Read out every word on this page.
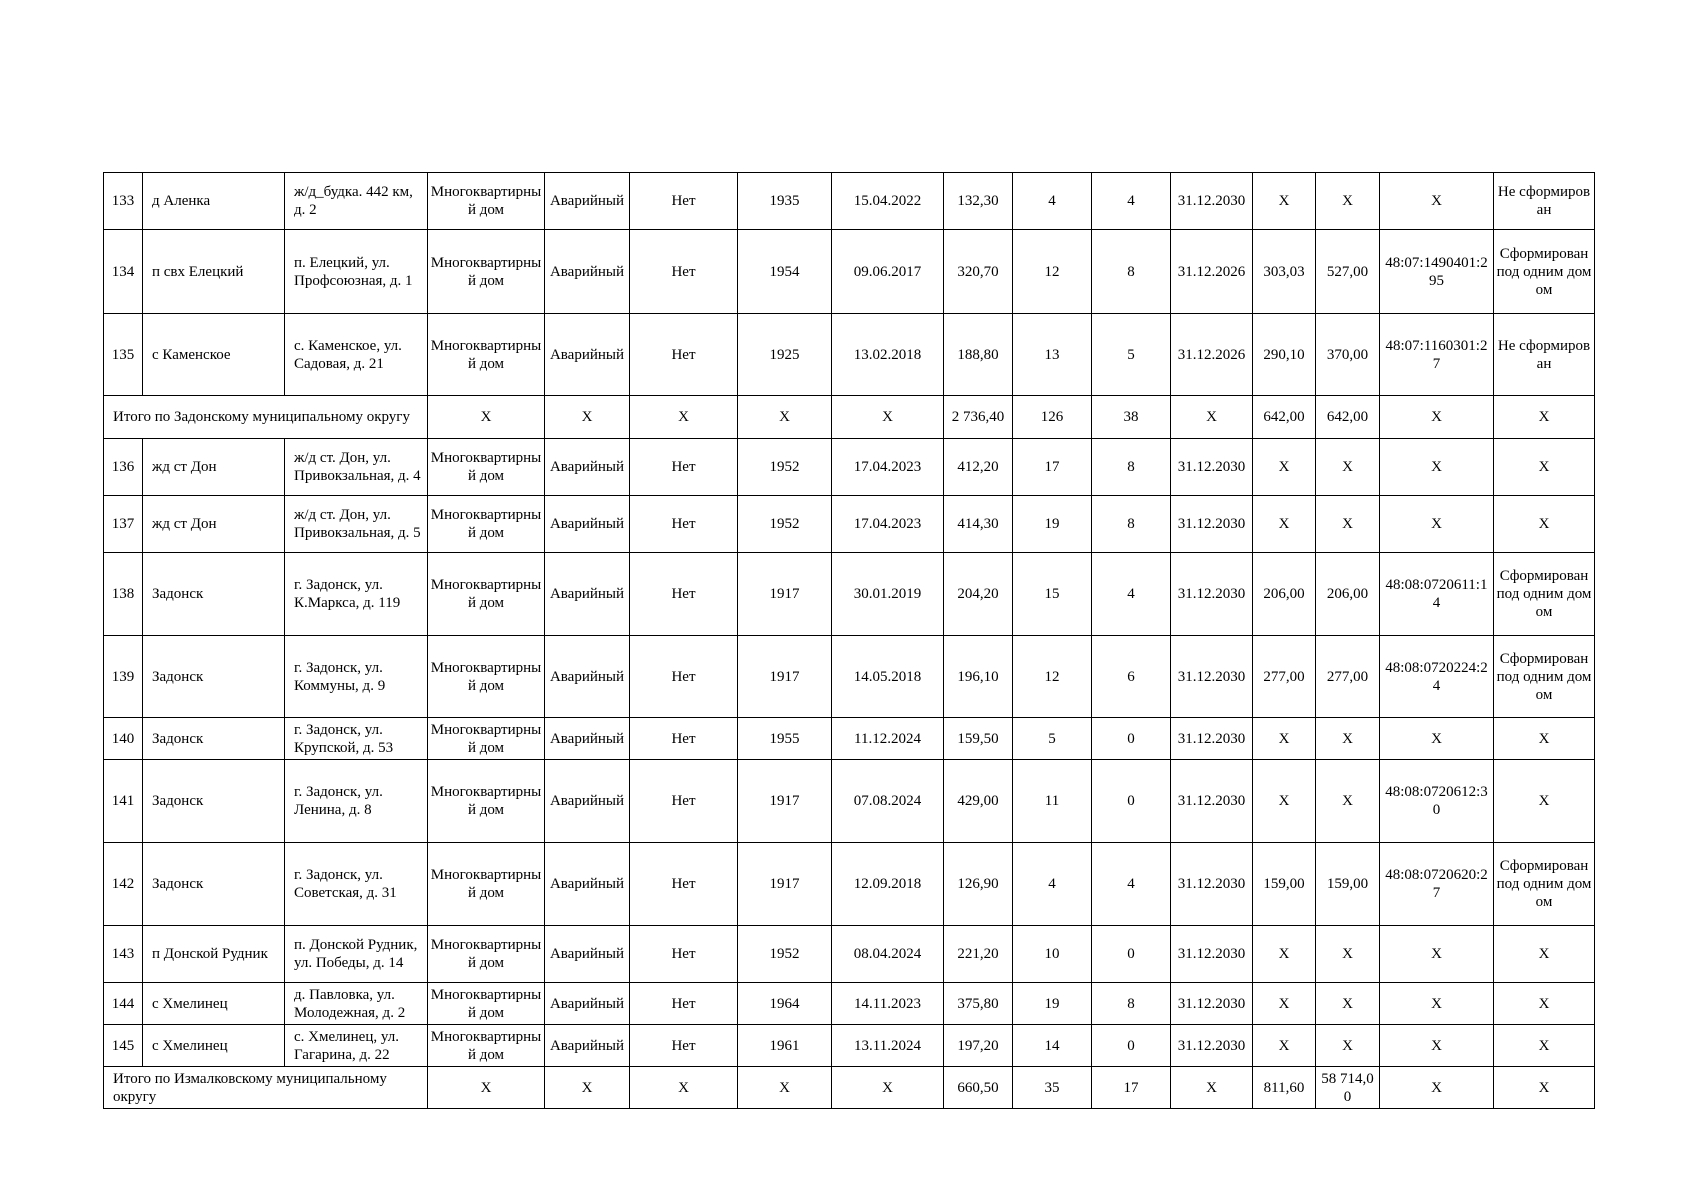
133	д Аленка	ж/д_будка. 442 км, д. 2	Многоквартирный дом	Аварийный	Нет	1935	15.04.2022	132,30	4	4	31.12.2030	X	X	X	Не сформирован
134	п свх Елецкий	п. Елецкий, ул. Профсоюзная, д. 1	Многоквартирный дом	Аварийный	Нет	1954	09.06.2017	320,70	12	8	31.12.2026	303,03	527,00	48:07:1490401:295	Сформирован под одним домом
135	с Каменское	с. Каменское, ул. Садовая, д. 21	Многоквартирный дом	Аварийный	Нет	1925	13.02.2018	188,80	13	5	31.12.2026	290,10	370,00	48:07:1160301:27	Не сформирован
Итого по Задонскому муниципальному округу			X	X	X	X	X	2 736,40	126	38	X	642,00	642,00	X	X
136	жд ст Дон	ж/д ст. Дон, ул. Привокзальная, д. 4	Многоквартирный дом	Аварийный	Нет	1952	17.04.2023	412,20	17	8	31.12.2030	X	X	X	X
137	жд ст Дон	ж/д ст. Дон, ул. Привокзальная, д. 5	Многоквартирный дом	Аварийный	Нет	1952	17.04.2023	414,30	19	8	31.12.2030	X	X	X	X
138	Задонск	г. Задонск, ул. К.Маркса, д. 119	Многоквартирный дом	Аварийный	Нет	1917	30.01.2019	204,20	15	4	31.12.2030	206,00	206,00	48:08:0720611:14	Сформирован под одним домом
139	Задонск	г. Задонск, ул. Коммуны, д. 9	Многоквартирный дом	Аварийный	Нет	1917	14.05.2018	196,10	12	6	31.12.2030	277,00	277,00	48:08:0720224:24	Сформирован под одним домом
140	Задонск	г. Задонск, ул. Крупской, д. 53	Многоквартирный дом	Аварийный	Нет	1955	11.12.2024	159,50	5	0	31.12.2030	X	X	X	X
141	Задонск	г. Задонск, ул. Ленина, д. 8	Многоквартирный дом	Аварийный	Нет	1917	07.08.2024	429,00	11	0	31.12.2030	X	X	48:08:0720612:30	X
142	Задонск	г. Задонск, ул. Советская, д. 31	Многоквартирный дом	Аварийный	Нет	1917	12.09.2018	126,90	4	4	31.12.2030	159,00	159,00	48:08:0720620:27	Сформирован под одним домом
143	п Донской Рудник	п. Донской Рудник, ул. Победы, д. 14	Многоквартирный дом	Аварийный	Нет	1952	08.04.2024	221,20	10	0	31.12.2030	X	X	X	X
144	с Хмелинец	д. Павловка, ул. Молодежная, д. 2	Многоквартирный дом	Аварийный	Нет	1964	14.11.2023	375,80	19	8	31.12.2030	X	X	X	X
145	с Хмелинец	с. Хмелинец, ул. Гагарина, д. 22	Многоквартирный дом	Аварийный	Нет	1961	13.11.2024	197,20	14	0	31.12.2030	X	X	X	X
Итого по Измалковскому муниципальному округу			X	X	X	X	X	660,50	35	17	X	811,60	58 714,00	X	X
